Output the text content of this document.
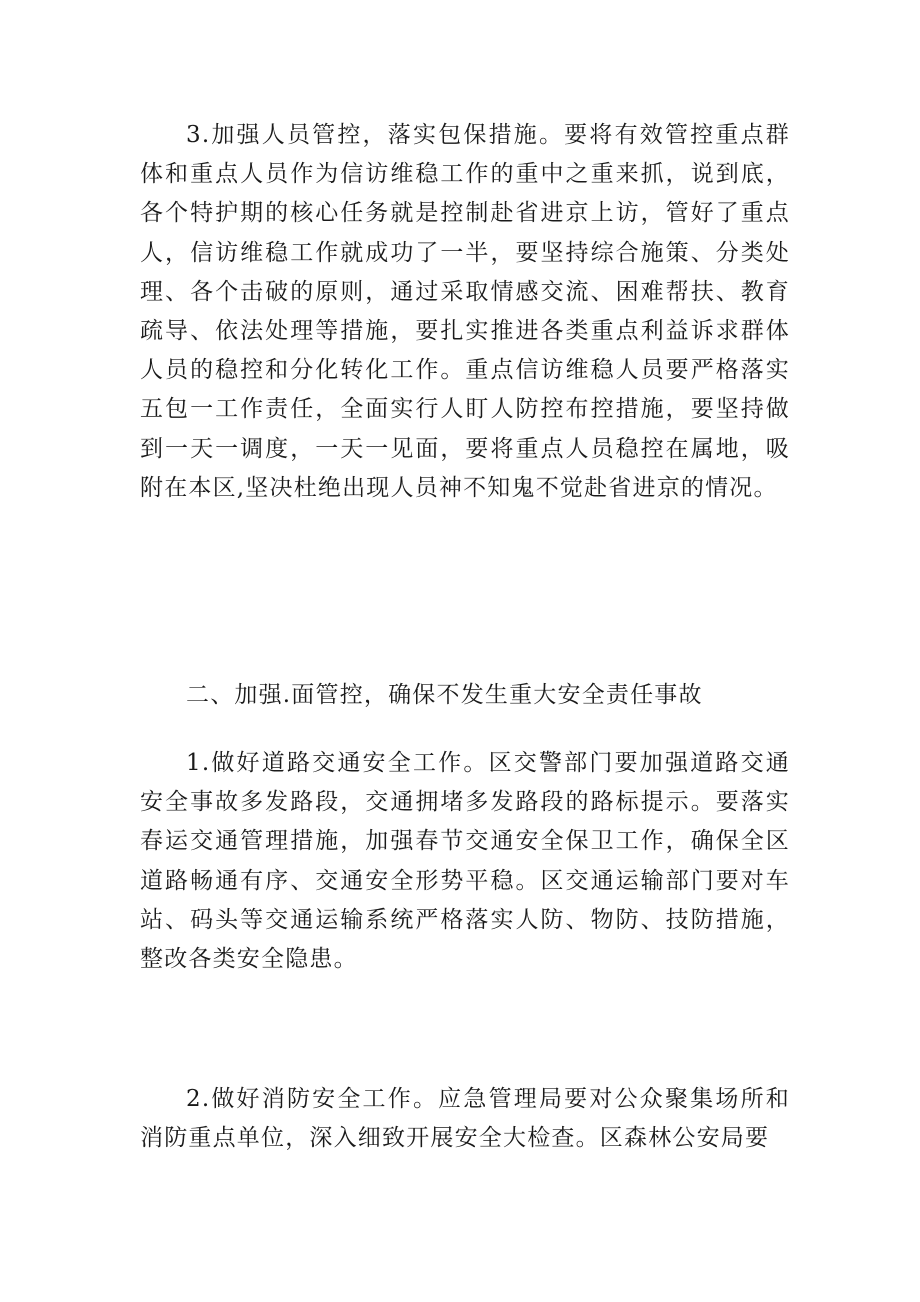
3.加强人员管控，落实包保措施。要将有效管控重点群体和重点人员作为信访维稳工作的重中之重来抓，说到底，各个特护期的核心任务就是控制赴省进京上访，管好了重点人，信访维稳工作就成功了一半，要坚持综合施策、分类处理、各个击破的原则，通过采取情感交流、困难帮扶、教育疏导、依法处理等措施，要扎实推进各类重点利益诉求群体人员的稳控和分化转化工作。重点信访维稳人员要严格落实五包一工作责任，全面实行人盯人防控布控措施，要坚持做到一天一调度，一天一见面，要将重点人员稳控在属地，吸附在本区,坚决杜绝出现人员神不知鬼不觉赴省进京的情况。

二、加强.面管控，确保不发生重大安全责任事故

1.做好道路交通安全工作。区交警部门要加强道路交通安全事故多发路段，交通拥堵多发路段的路标提示。要落实春运交通管理措施，加强春节交通安全保卫工作，确保全区道路畅通有序、交通安全形势平稳。区交通运输部门要对车站、码头等交通运输系统严格落实人防、物防、技防措施，整改各类安全隐患。

2.做好消防安全工作。应急管理局要对公众聚集场所和消防重点单位，深入细致开展安全大检查。区森林公安局要
